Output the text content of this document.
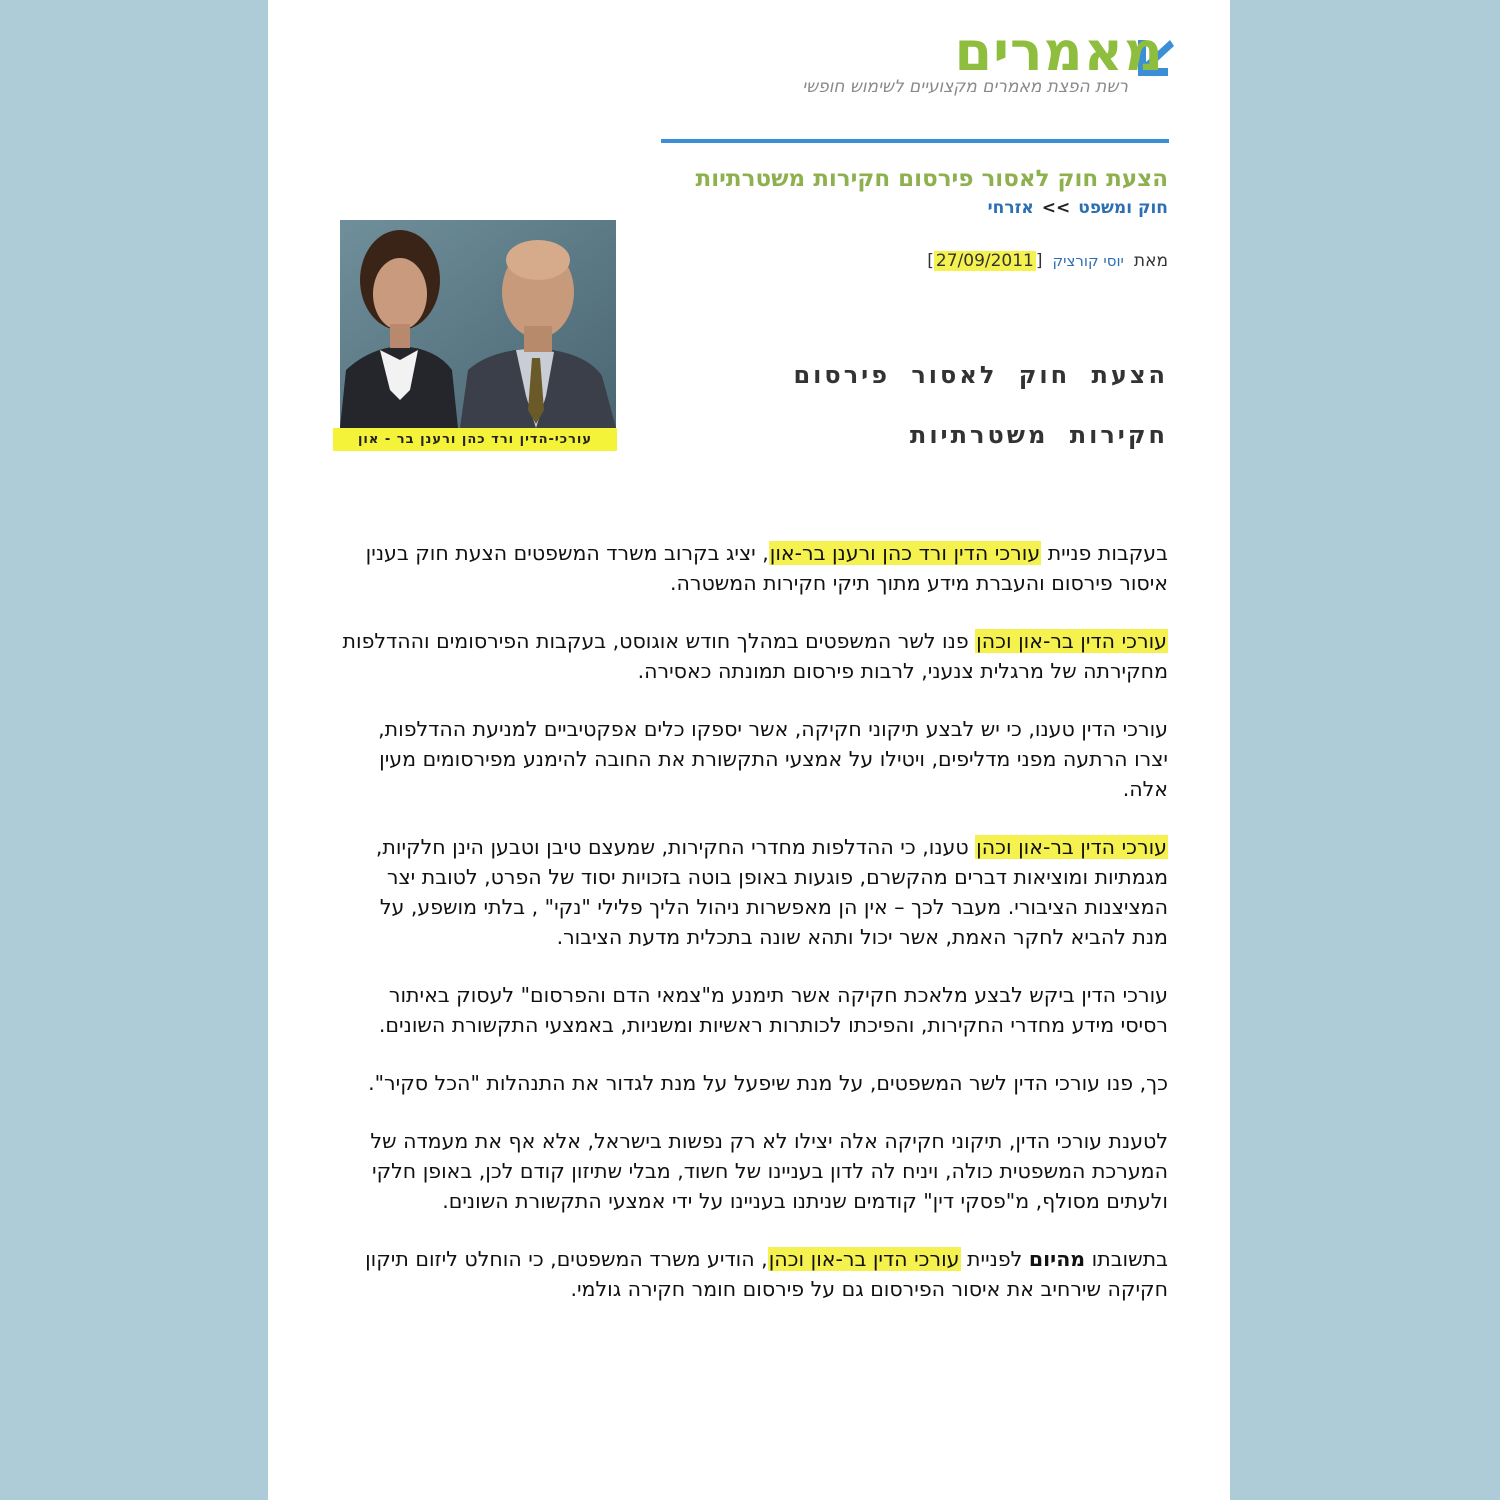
מאמרים
רשת הפצת מאמרים מקצועיים לשימוש חופשי
הצעת חוק לאסור פירסום חקירות משטרתיות
חוק ומשפט>>אזרחי
מאתיוסי קורציק[27/09/2011]
עורכי-הדין ורד כהן ורענן בר - און
הצעת חוק לאסור פירסום
חקירות משטרתיות

בעקבות פניית עורכי הדין ורד כהן ורענן בר-און, יציג בקרוב משרד המשפטים הצעת חוק בענין איסור פירסום והעברת מידע מתוך תיקי חקירות המשטרה.

עורכי הדין בר-און וכהן פנו לשר המשפטים במהלך חודש אוגוסט, בעקבות הפירסומים וההדלפות מחקירתה של מרגלית צנעני, לרבות פירסום תמונתה כאסירה.

עורכי הדין טענו, כי יש לבצע תיקוני חקיקה, אשר יספקו כלים אפקטיביים למניעת ההדלפות, יצרו הרתעה מפני מדליפים, ויטילו על אמצעי התקשורת את החובה להימנע מפירסומים מעין אלה.

עורכי הדין בר-און וכהן טענו, כי ההדלפות מחדרי החקירות, שמעצם טיבן וטבען הינן חלקיות, מגמתיות ומוציאות דברים מהקשרם, פוגעות באופן בוטה בזכויות יסוד של הפרט, לטובת יצר המציצנות הציבורי. מעבר לכך – אין הן מאפשרות ניהול הליך פלילי "נקי" , בלתי מושפע, על מנת להביא לחקר האמת, אשר יכול ותהא שונה בתכלית מדעת הציבור.

עורכי הדין ביקש לבצע מלאכת חקיקה אשר תימנע מ"צמאי הדם והפרסום" לעסוק באיתור רסיסי מידע מחדרי החקירות, והפיכתו לכותרות ראשיות ומשניות, באמצעי התקשורת השונים.

כך, פנו עורכי הדין לשר המשפטים, על מנת שיפעל על מנת לגדור את התנהלות "הכל סקיר".

לטענת עורכי הדין, תיקוני חקיקה אלה יצילו לא רק נפשות בישראל, אלא אף את מעמדה של המערכת המשפטית כולה, ויניח לה לדון בעניינו של חשוד, מבלי שתיזון קודם לכן, באופן חלקי ולעתים מסולף, מ"פסקי דין" קודמים שניתנו בעניינו על ידי אמצעי התקשורת השונים.

בתשובתו מהיום לפניית עורכי הדין בר-און וכהן, הודיע משרד המשפטים, כי הוחלט ליזום תיקון חקיקה שירחיב את איסור הפירסום גם על פירסום חומר חקירה גולמי.
